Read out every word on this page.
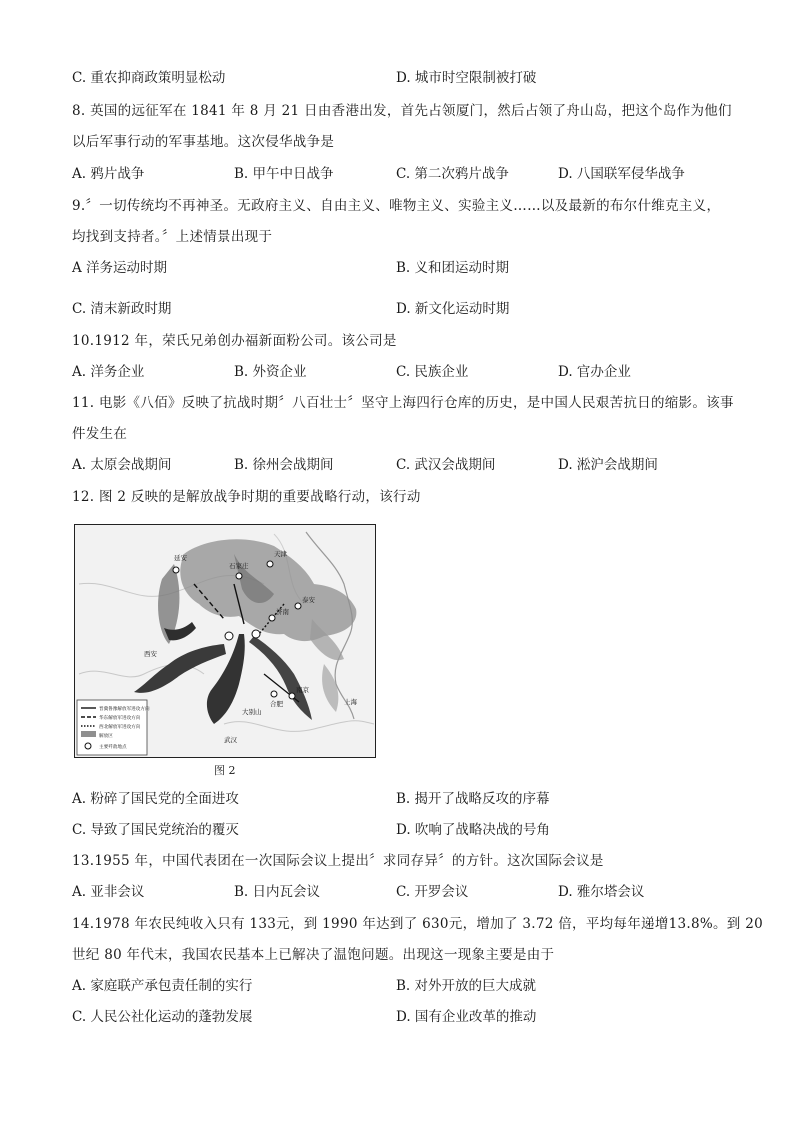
C. 重农抑商政策明显松动	D. 城市时空限制被打破
8. 英国的远征军在 1841 年 8 月 21 日由香港出发，首先占领厦门，然后占领了舟山岛，把这个岛作为他们
以后军事行动的军事基地。这次侵华战争是
A. 鸦片战争	B. 甲午中日战争	C. 第二次鸦片战争	D. 八国联军侵华战争
9.〞一切传统均不再神圣。无政府主义、自由主义、唯物主义、实验主义……以及最新的布尔什维克主义，
均找到支持者。〞上述情景出现于
A 洋务运动时期	B. 义和团运动时期
C. 清末新政时期	D. 新文化运动时期
10.1912 年，荣氏兄弟创办福新面粉公司。该公司是
A. 洋务企业	B. 外资企业	C. 民族企业	D. 官办企业
11. 电影《八佰》反映了抗战时期〞八百壮士〞坚守上海四行仓库的历史，是中国人民艰苦抗日的缩影。该事
件发生在
A. 太原会战期间	B. 徐州会战期间	C. 武汉会战期间	D. 淞沪会战期间
12. 图 2 反映的是解放战争时期的重要战略行动，该行动
延安
西安
石家庄
天津
济南
泰安
南京
上海
合肥
大别山
武汉
晋冀鲁豫解放军进攻方向
华东解放军进攻方向
西北解放军进攻方向
解放区
主要歼敌地点
图 2
A. 粉碎了国民党的全面进攻	B. 揭开了战略反攻的序幕
C. 导致了国民党统治的覆灭	D. 吹响了战略决战的号角
13.1955 年，中国代表团在一次国际会议上提出〞求同存异〞的方针。这次国际会议是
A. 亚非会议	B. 日内瓦会议	C. 开罗会议	D. 雅尔塔会议
14.1978 年农民纯收入只有 133元，到 1990 年达到了 630元，增加了 3.72 倍，平均每年递增13.8%。到 20
世纪 80 年代末，我国农民基本上已解决了温饱问题。出现这一现象主要是由于
A. 家庭联产承包责任制的实行	B. 对外开放的巨大成就
C. 人民公社化运动的蓬勃发展	D. 国有企业改革的推动
